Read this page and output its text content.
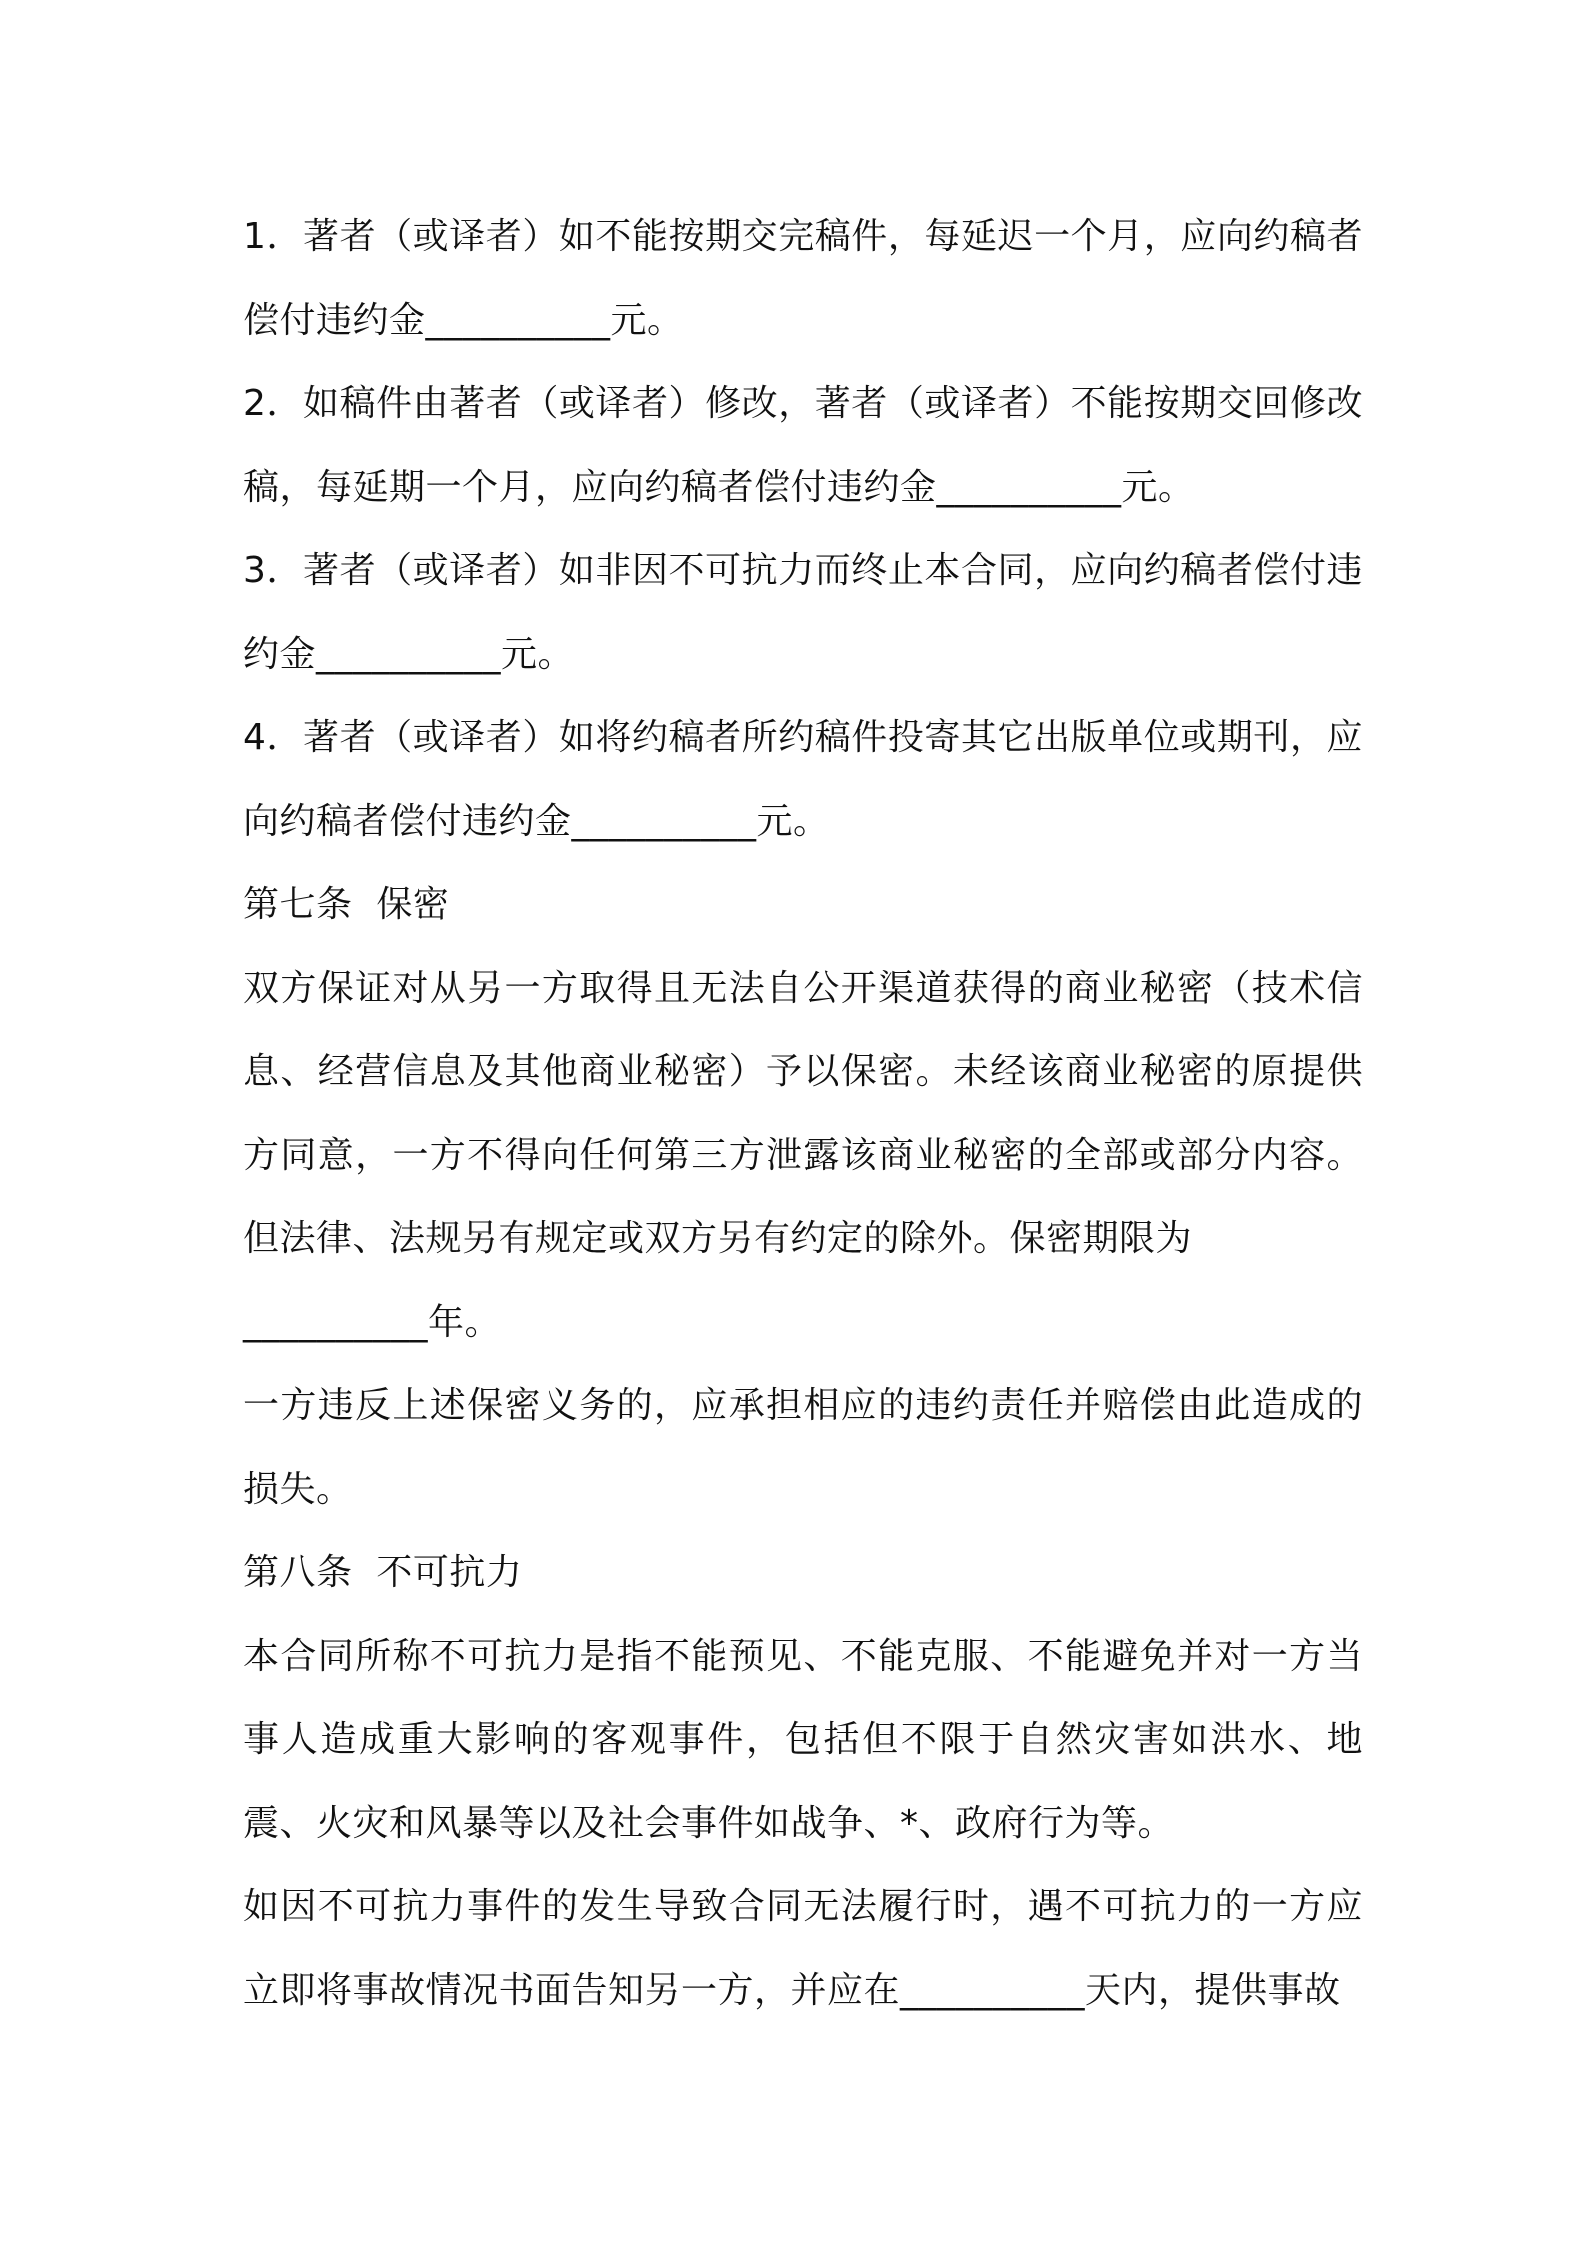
1．著者（或译者）如不能按期交完稿件，每延迟一个月，应向约稿者偿付违约金__________元。

2．如稿件由著者（或译者）修改，著者（或译者）不能按期交回修改稿，每延期一个月，应向约稿者偿付违约金__________元。

3．著者（或译者）如非因不可抗力而终止本合同，应向约稿者偿付违约金__________元。

4．著者（或译者）如将约稿者所约稿件投寄其它出版单位或期刊，应向约稿者偿付违约金__________元。

第七条  保密

双方保证对从另一方取得且无法自公开渠道获得的商业秘密（技术信息、经营信息及其他商业秘密）予以保密。未经该商业秘密的原提供方同意，一方不得向任何第三方泄露该商业秘密的全部或部分内容。但法律、法规另有规定或双方另有约定的除外。保密期限为

__________年。

一方违反上述保密义务的，应承担相应的违约责任并赔偿由此造成的损失。

第八条  不可抗力

本合同所称不可抗力是指不能预见、不能克服、不能避免并对一方当事人造成重大影响的客观事件，包括但不限于自然灾害如洪水、地震、火灾和风暴等以及社会事件如战争、*、政府行为等。

如因不可抗力事件的发生导致合同无法履行时，遇不可抗力的一方应立即将事故情况书面告知另一方，并应在__________天内，提供事故
